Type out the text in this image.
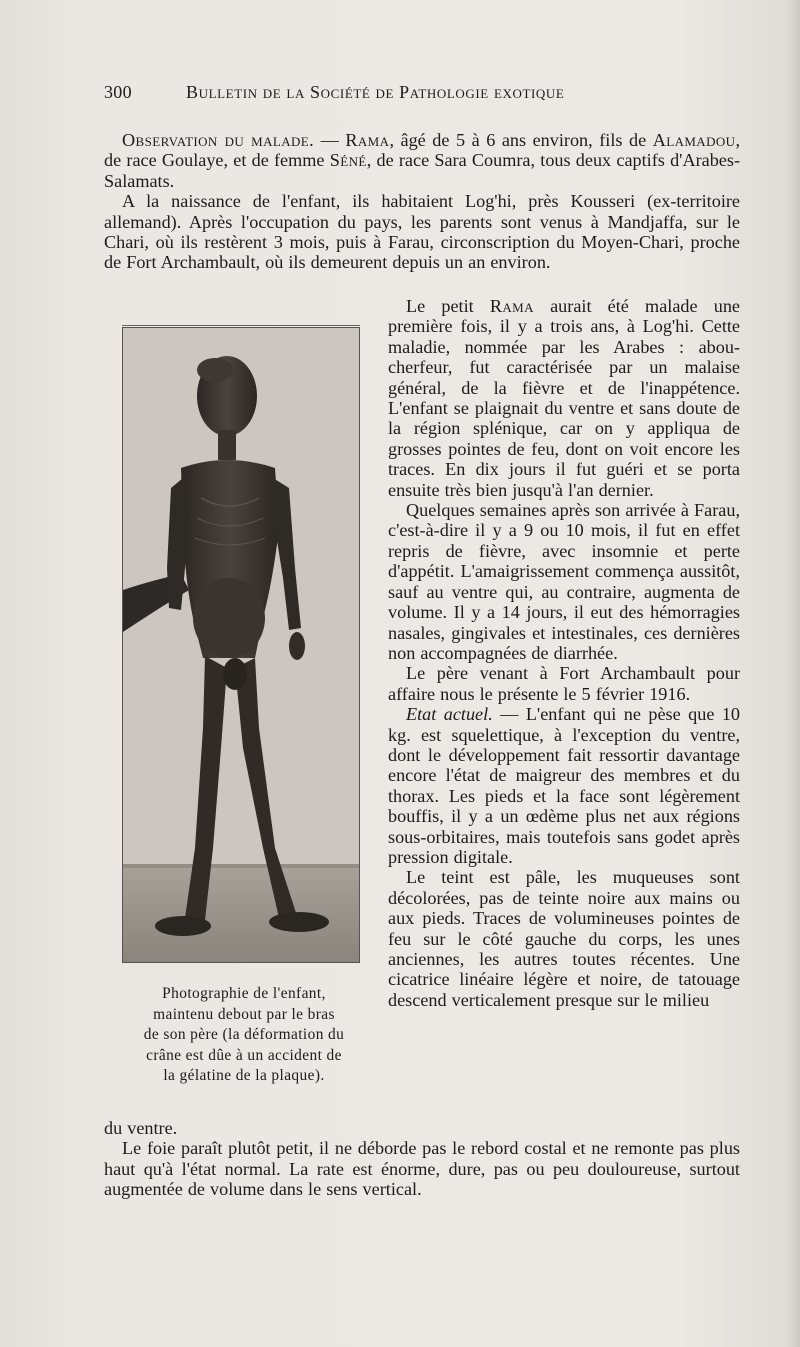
300	Bulletin de la Société de Pathologie exotique

Observation du malade. — Rama, âgé de 5 à 6 ans environ, fils de Alamadou, de race Goulaye, et de femme Séné, de race Sara Coumra, tous deux captifs d'Arabes-Salamats.

A la naissance de l'enfant, ils habitaient Log'hi, près Kousseri (ex-territoire allemand). Après l'occupation du pays, les parents sont venus à Mandjaffa, sur le Chari, où ils restèrent 3 mois, puis à Farau, circonscription du Moyen-Chari, proche de Fort Archambault, où ils demeurent depuis un an environ.

Photographie de l'enfant,
maintenu debout par le bras
de son père (la déformation du
crâne est dûe à un accident de
la gélatine de la plaque).

Le petit Rama aurait été malade une première fois, il y a trois ans, à Log'hi. Cette maladie, nommée par les Arabes : abou-cherfeur, fut caractérisée par un malaise général, de la fièvre et de l'inappétence. L'enfant se plaignait du ventre et sans doute de la région splénique, car on y appliqua de grosses pointes de feu, dont on voit encore les traces. En dix jours il fut guéri et se porta ensuite très bien jusqu'à l'an dernier.

Quelques semaines après son arrivée à Farau, c'est-à-dire il y a 9 ou 10 mois, il fut en effet repris de fièvre, avec insomnie et perte d'appétit. L'amaigrissement commença aussitôt, sauf au ventre qui, au contraire, augmenta de volume. Il y a 14 jours, il eut des hémorragies nasales, gingivales et intestinales, ces dernières non accompagnées de diarrhée.

Le père venant à Fort Archambault pour affaire nous le présente le 5 février 1916.

Etat actuel. — L'enfant qui ne pèse que 10 kg. est squelettique, à l'exception du ventre, dont le développement fait ressortir davantage encore l'état de maigreur des membres et du thorax. Les pieds et la face sont légèrement bouffis, il y a un œdème plus net aux régions sous-orbitaires, mais toutefois sans godet après pression digitale.

Le teint est pâle, les muqueuses sont décolorées, pas de teinte noire aux mains ou aux pieds. Traces de volumineuses pointes de feu sur le côté gauche du corps, les unes anciennes, les autres toutes récentes. Une cicatrice linéaire légère et noire, de tatouage descend verticalement presque sur le milieu

du ventre.

Le foie paraît plutôt petit, il ne déborde pas le rebord costal et ne remonte pas plus haut qu'à l'état normal. La rate est énorme, dure, pas ou peu douloureuse, surtout augmentée de volume dans le sens vertical.
